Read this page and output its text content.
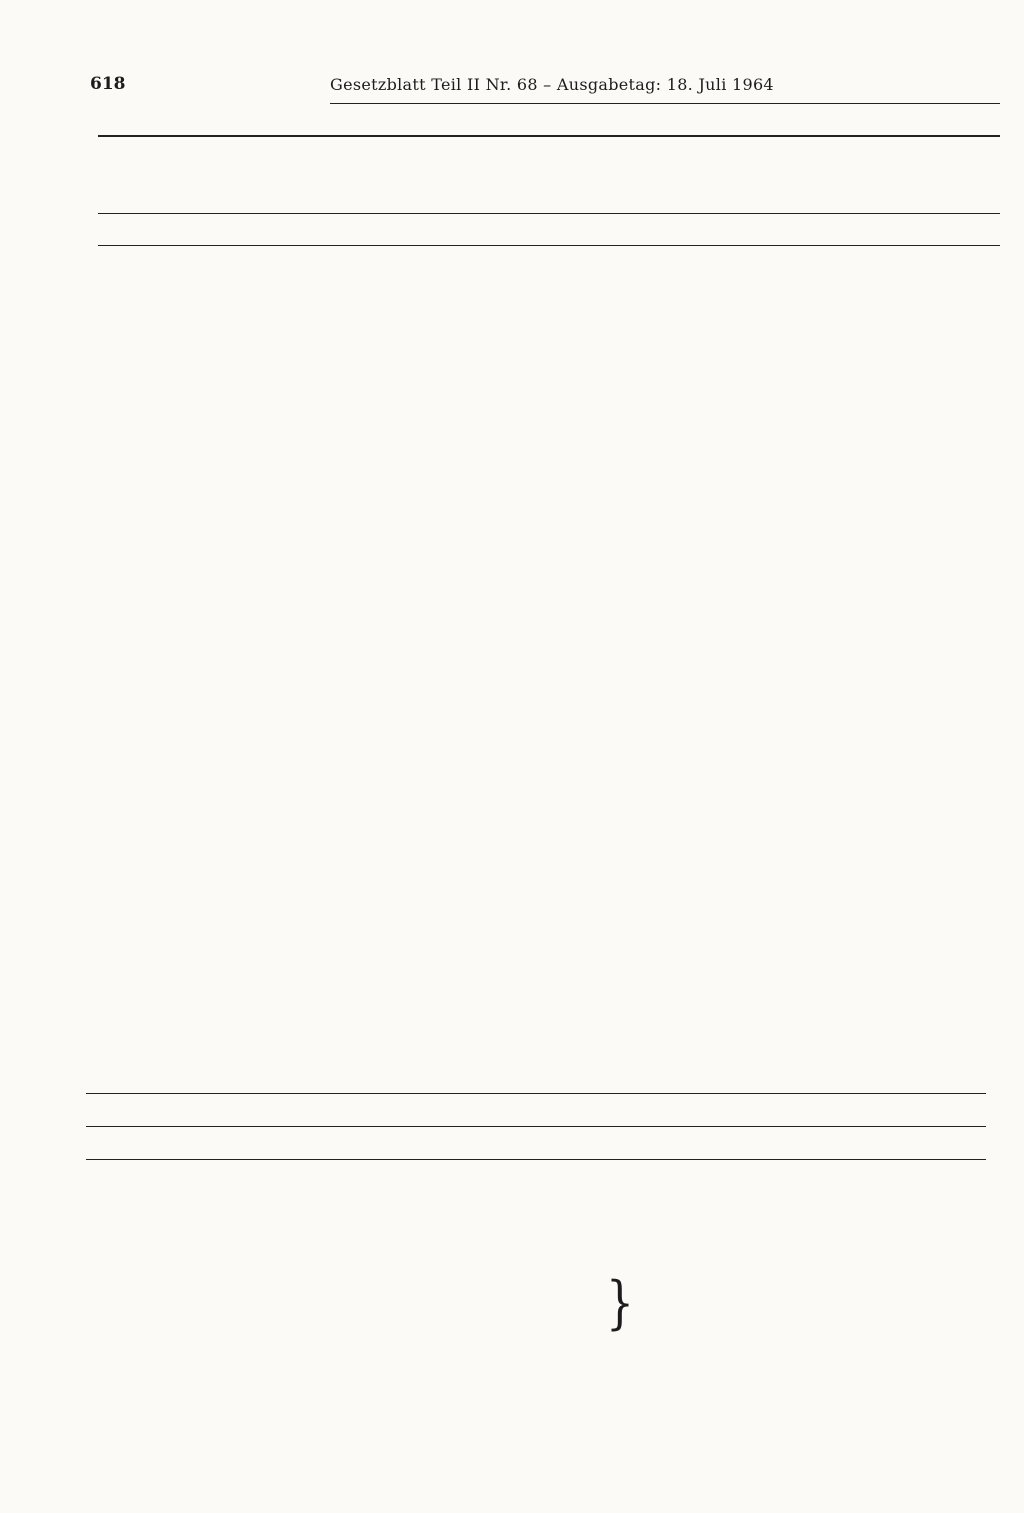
618	Gesetzblatt Teil II Nr. 68 – Ausgabetag: 18. Juli 1964
}
